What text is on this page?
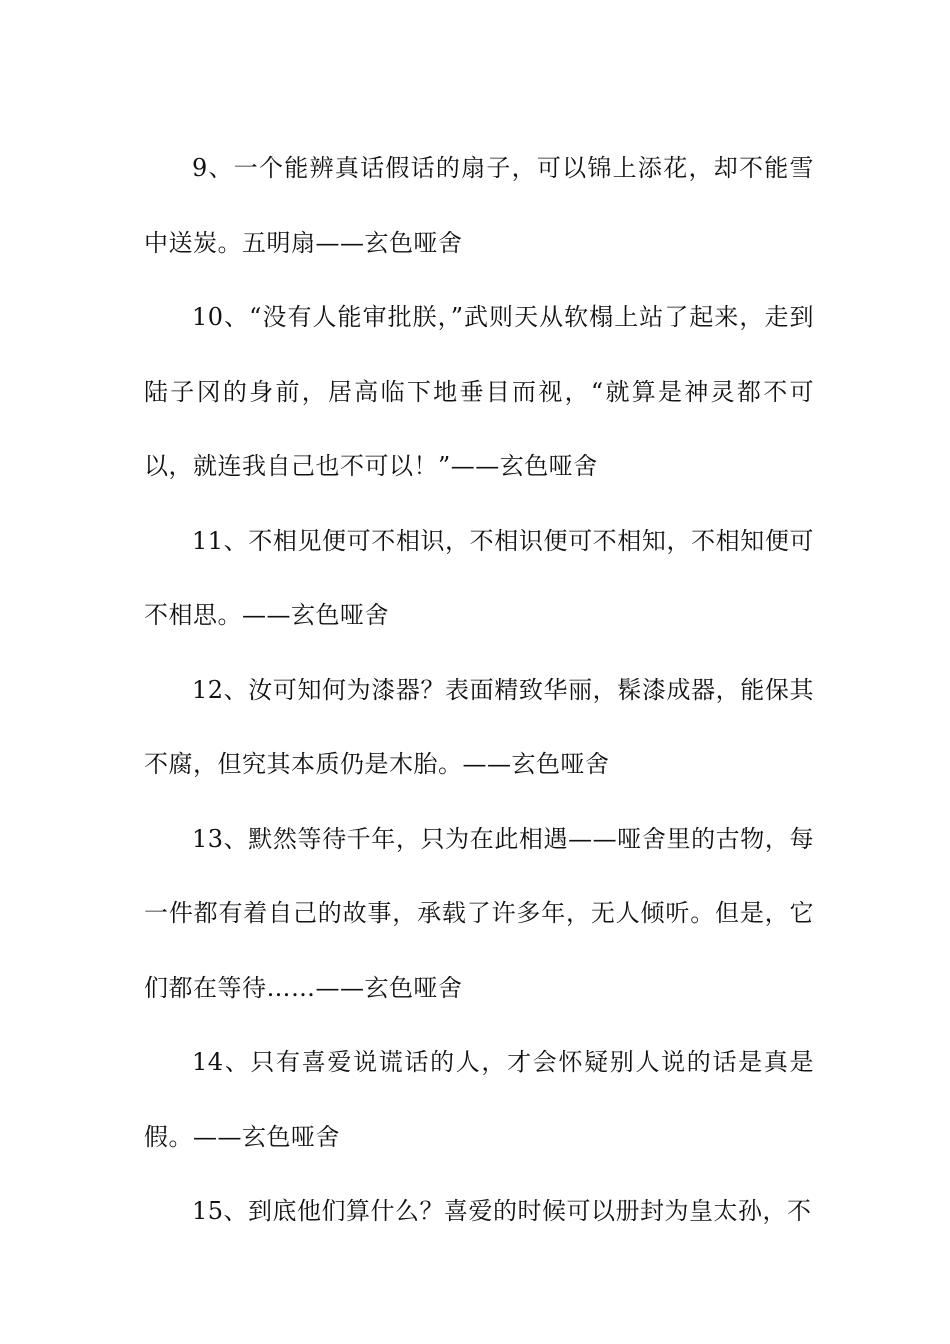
9、一个能辨真话假话的扇子，可以锦上添花，却不能雪中送炭。五明扇——玄色哑舍

10、“没有人能审批朕，”武则天从软榻上站了起来，走到陆子冈的身前，居高临下地垂目而视，“就算是神灵都不可以，就连我自己也不可以！”——玄色哑舍

11、不相见便可不相识，不相识便可不相知，不相知便可不相思。——玄色哑舍

12、汝可知何为漆器？表面精致华丽，髹漆成器，能保其不腐，但究其本质仍是木胎。——玄色哑舍

13、默然等待千年，只为在此相遇——哑舍里的古物，每一件都有着自己的故事，承载了许多年，无人倾听。但是，它们都在等待……——玄色哑舍

14、只有喜爱说谎话的人，才会怀疑别人说的话是真是假。——玄色哑舍

15、到底他们算什么？喜爱的时候可以册封为皇太孙，不
